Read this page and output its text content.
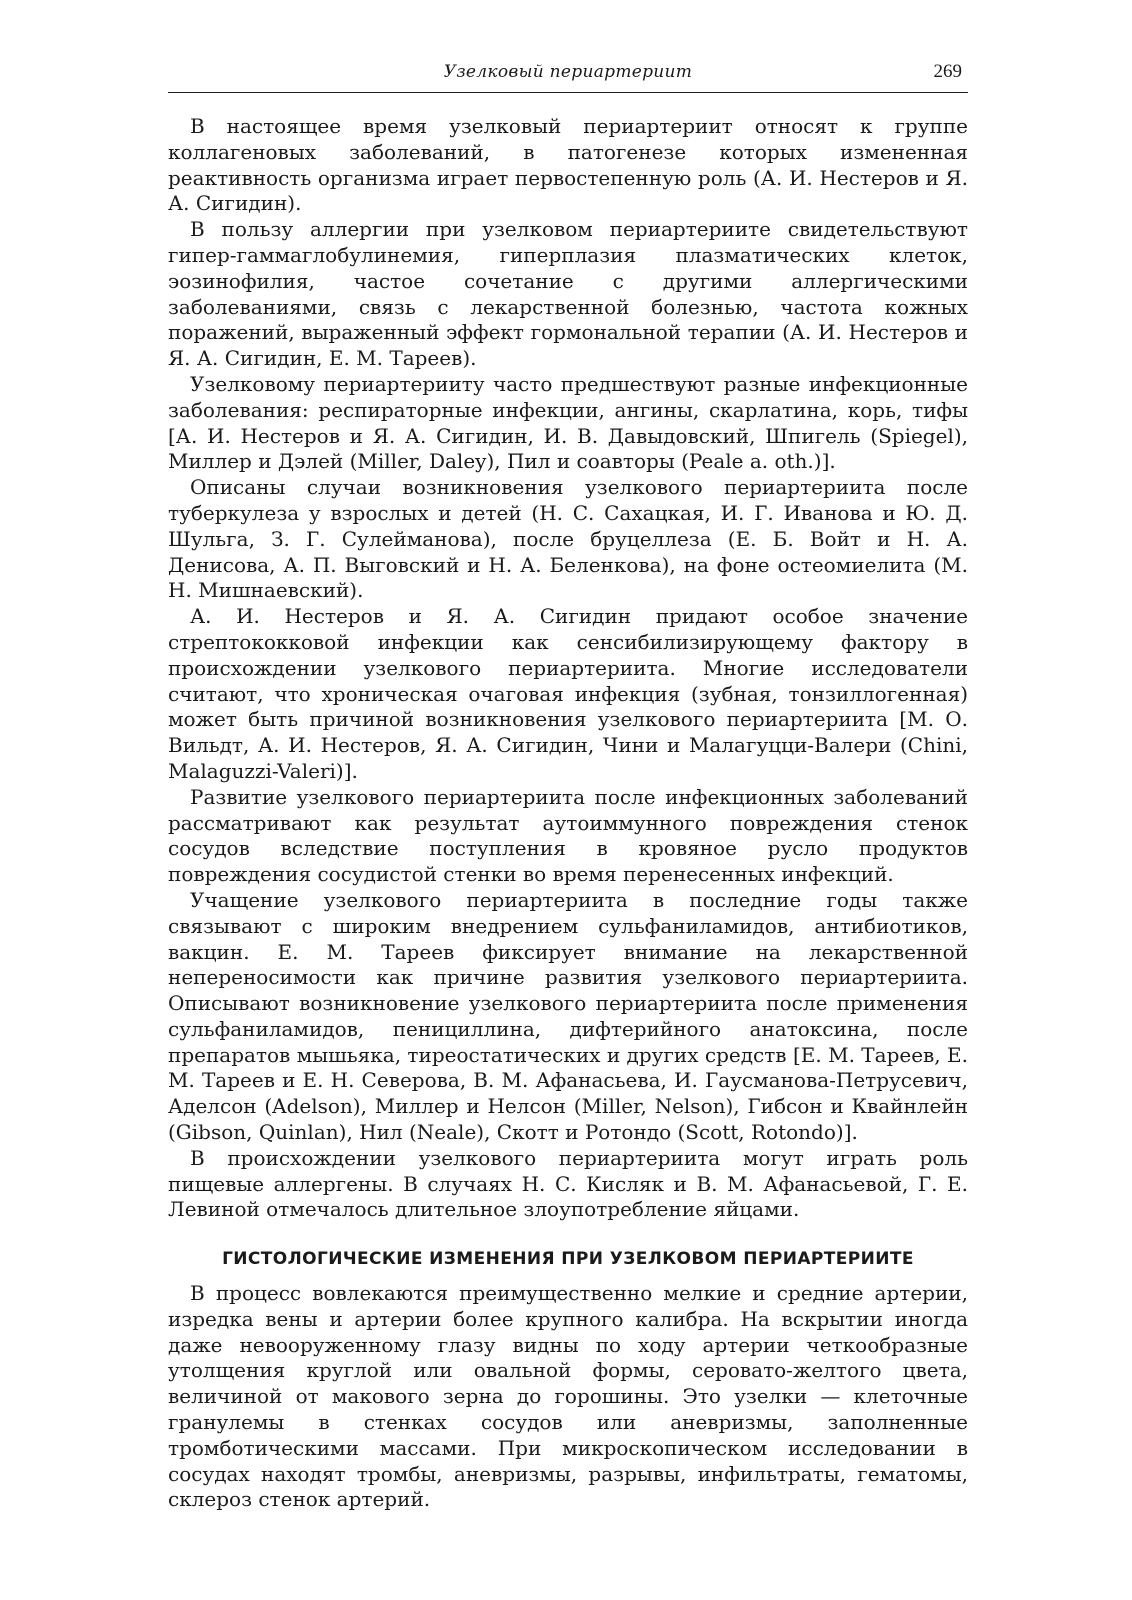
Узелковый периартериит	269

В настоящее время узелковый периартериит относят к группе коллагеновых заболеваний, в патогенезе которых измененная реактивность организма играет первостепенную роль (А. И. Нестеров и Я. А. Сигидин).

В пользу аллергии при узелковом периартериите свидетельствуют гипер-гаммаглобулинемия, гиперплазия плазматических клеток, эозинофилия, частое сочетание с другими аллергическими заболеваниями, связь с лекарственной болезнью, частота кожных поражений, выраженный эффект гормональной терапии (А. И. Нестеров и Я. А. Сигидин, Е. М. Тареев).

Узелковому периартерииту часто предшествуют разные инфекционные заболевания: респираторные инфекции, ангины, скарлатина, корь, тифы [А. И. Нестеров и Я. А. Сигидин, И. В. Давыдовский, Шпигель (Spiegel), Миллер и Дэлей (Miller, Daley), Пил и соавторы (Peale a. oth.)].

Описаны случаи возникновения узелкового периартериита после туберкулеза у взрослых и детей (Н. С. Сахацкая, И. Г. Иванова и Ю. Д. Шульга, З. Г. Сулейманова), после бруцеллеза (Е. Б. Войт и Н. А. Денисова, А. П. Выговский и Н. А. Беленкова), на фоне остеомиелита (М. Н. Мишнаевский).

А. И. Нестеров и Я. А. Сигидин придают особое значение стрептококковой инфекции как сенсибилизирующему фактору в происхождении узелкового периартериита. Многие исследователи считают, что хроническая очаговая инфекция (зубная, тонзиллогенная) может быть причиной возникновения узелкового периартериита [М. О. Вильдт, А. И. Нестеров, Я. А. Сигидин, Чини и Малагуцци-Валери (Chini, Malaguzzi-Valeri)].

Развитие узелкового периартериита после инфекционных заболеваний рассматривают как результат аутоиммунного повреждения стенок сосудов вследствие поступления в кровяное русло продуктов повреждения сосудистой стенки во время перенесенных инфекций.

Учащение узелкового периартериита в последние годы также связывают с широким внедрением сульфаниламидов, антибиотиков, вакцин. Е. М. Тареев фиксирует внимание на лекарственной непереносимости как причине развития узелкового периартериита. Описывают возникновение узелкового периартериита после применения сульфаниламидов, пенициллина, дифтерийного анатоксина, после препаратов мышьяка, тиреостатических и других средств [Е. М. Тареев, Е. М. Тареев и Е. Н. Северова, В. М. Афанасьева, И. Гаусманова-Петрусевич, Аделсон (Adelson), Миллер и Нелсон (Miller, Nelson), Гибсон и Квайнлейн (Gibson, Quinlan), Нил (Neale), Скотт и Ротондо (Scott, Rotondo)].

В происхождении узелкового периартериита могут играть роль пищевые аллергены. В случаях Н. С. Кисляк и В. М. Афанасьевой, Г. Е. Левиной отмечалось длительное злоупотребление яйцами.

ГИСТОЛОГИЧЕСКИЕ ИЗМЕНЕНИЯ ПРИ УЗЕЛКОВОМ ПЕРИАРТЕРИИТЕ

В процесс вовлекаются преимущественно мелкие и средние артерии, изредка вены и артерии более крупного калибра. На вскрытии иногда даже невооруженному глазу видны по ходу артерии четкообразные утолщения круглой или овальной формы, серовато-желтого цвета, величиной от макового зерна до горошины. Это узелки — клеточные гранулемы в стенках сосудов или аневризмы, заполненные тромботическими массами. При микроскопическом исследовании в сосудах находят тромбы, аневризмы, разрывы, инфильтраты, гематомы, склероз стенок артерий.
